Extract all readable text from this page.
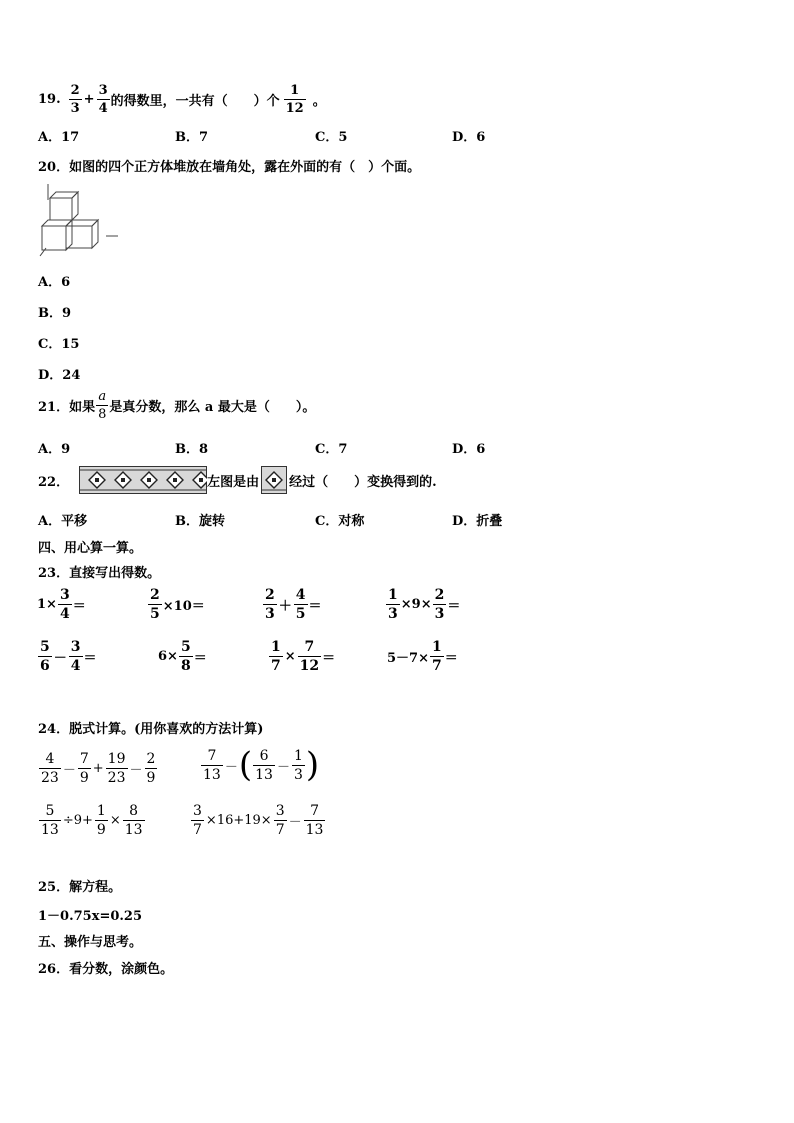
19. $\frac{2}{3} + \frac{3}{4}$ 的得数里，一共有（　　）个 $\frac{1}{12}$ 。
A．17	B．7	C．5	D．6
20．如图的四个正方体堆放在墙角处，露在外面的有（　）个面。
A．6
B．9
C．15
D．24
21．如果 $\frac{a}{8}$ 是真分数，那么 a 最大是（　　）。
A．9	B．8	C．7	D．6
22．	左图是由 经过（　　）变换得到的.
A．平移	B．旋转	C．对称	D．折叠
四、用心算一算。
23．直接写出得数。
$1\times \frac{3}{4}$ ＝	$\frac{2}{5} \times 10=$	$\frac{2}{3} + \frac{4}{5}$ ＝	$\frac{1}{3} \times 9\times \frac{2}{3}$ ＝
$\frac{5}{6} - \frac{3}{4}$ ＝	$6\times \frac{5}{8}$ ＝	$\frac{1}{7} \times \frac{7}{12}$ ＝	$5-7\times \frac{1}{7}$ ＝
24．脱式计算。(用你喜欢的方法计算)
$\frac{4}{23} - \frac{7}{9} + \frac{19}{23} - \frac{2}{9}$	$\frac{7}{13}$ － ( $\frac{6}{13} - \frac{1}{3}$ )
$\frac{5}{13} \div 9+ \frac{1}{9} \times \frac{8}{13}$	$\frac{3}{7} \times 16+19\times \frac{3}{7} - \frac{7}{13}$
25．解方程。
1－0.75x=0.25
五、操作与思考。
26．看分数，涂颜色。
